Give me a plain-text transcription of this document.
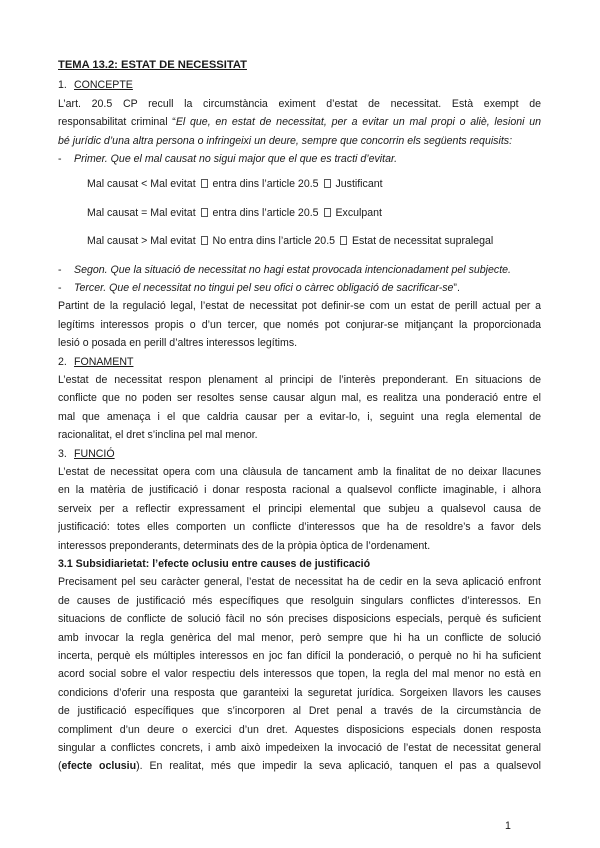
TEMA 13.2: ESTAT DE NECESSITAT
1. CONCEPTE
L’art. 20.5 CP recull la circumstància eximent d’estat de necessitat. Està exempt de
responsabilitat criminal “El que, en estat de necessitat, per a evitar un mal propi o aliè, lesioni un
bé jurídic d’una altra persona o infringeixi un deure, sempre que concorrin els següents requisits:
- Primer. Que el mal causat no sigui major que el que es tracti d’evitar.
Mal causat < Mal evitat entra dins l’article 20.5 Justificant
Mal causat = Mal evitat entra dins l’article 20.5 Exculpant
Mal causat > Mal evitat No entra dins l’article 20.5 Estat de necessitat supralegal
- Segon. Que la situació de necessitat no hagi estat provocada intencionadament pel subjecte.
- Tercer. Que el necessitat no tingui pel seu ofici o càrrec obligació de sacrificar-se”.
Partint de la regulació legal, l’estat de necessitat pot definir-se com un estat de perill actual per a
legítims interessos propis o d’un tercer, que només pot conjurar-se mitjançant la proporcionada
lesió o posada en perill d’altres interessos legítims.
2. FONAMENT
L’estat de necessitat respon plenament al principi de l’interès preponderant. En situacions de
conflicte que no poden ser resoltes sense causar algun mal, es realitza una ponderació entre el
mal que amenaça i el que caldria causar per a evitar-lo, i, seguint una regla elemental de
racionalitat, el dret s’inclina pel mal menor.
3. FUNCIÓ
L’estat de necessitat opera com una clàusula de tancament amb la finalitat de no deixar llacunes
en la matèria de justificació i donar resposta racional a qualsevol conflicte imaginable, i alhora
serveix per a reflectir expressament el principi elemental que subjeu a qualsevol causa de
justificació: totes elles comporten un conflicte d’interessos que ha de resoldre’s a favor dels
interessos preponderants, determinats des de la pròpia òptica de l’ordenament.
3.1 Subsidiarietat: l’efecte oclusiu entre causes de justificació
Precisament pel seu caràcter general, l’estat de necessitat ha de cedir en la seva aplicació enfront
de causes de justificació més específiques que resolguin singulars conflictes d’interessos. En
situacions de conflicte de solució fàcil no són precises disposicions especials, perquè és suficient
amb invocar la regla genèrica del mal menor, però sempre que hi ha un conflicte de solució
incerta, perquè els múltiples interessos en joc fan difícil la ponderació, o perquè no hi ha suficient
acord social sobre el valor respectiu dels interessos que topen, la regla del mal menor no està en
condicions d’oferir una resposta que garanteixi la seguretat jurídica. Sorgeixen llavors les causes
de justificació específiques que s’incorporen al Dret penal a través de la circumstància de
compliment d’un deure o exercici d’un dret. Aquestes disposicions especials donen resposta
singular a conflictes concrets, i amb això impedeixen la invocació de l’estat de necessitat general
(efecte oclusiu). En realitat, més que impedir la seva aplicació, tanquen el pas a qualsevol
1
